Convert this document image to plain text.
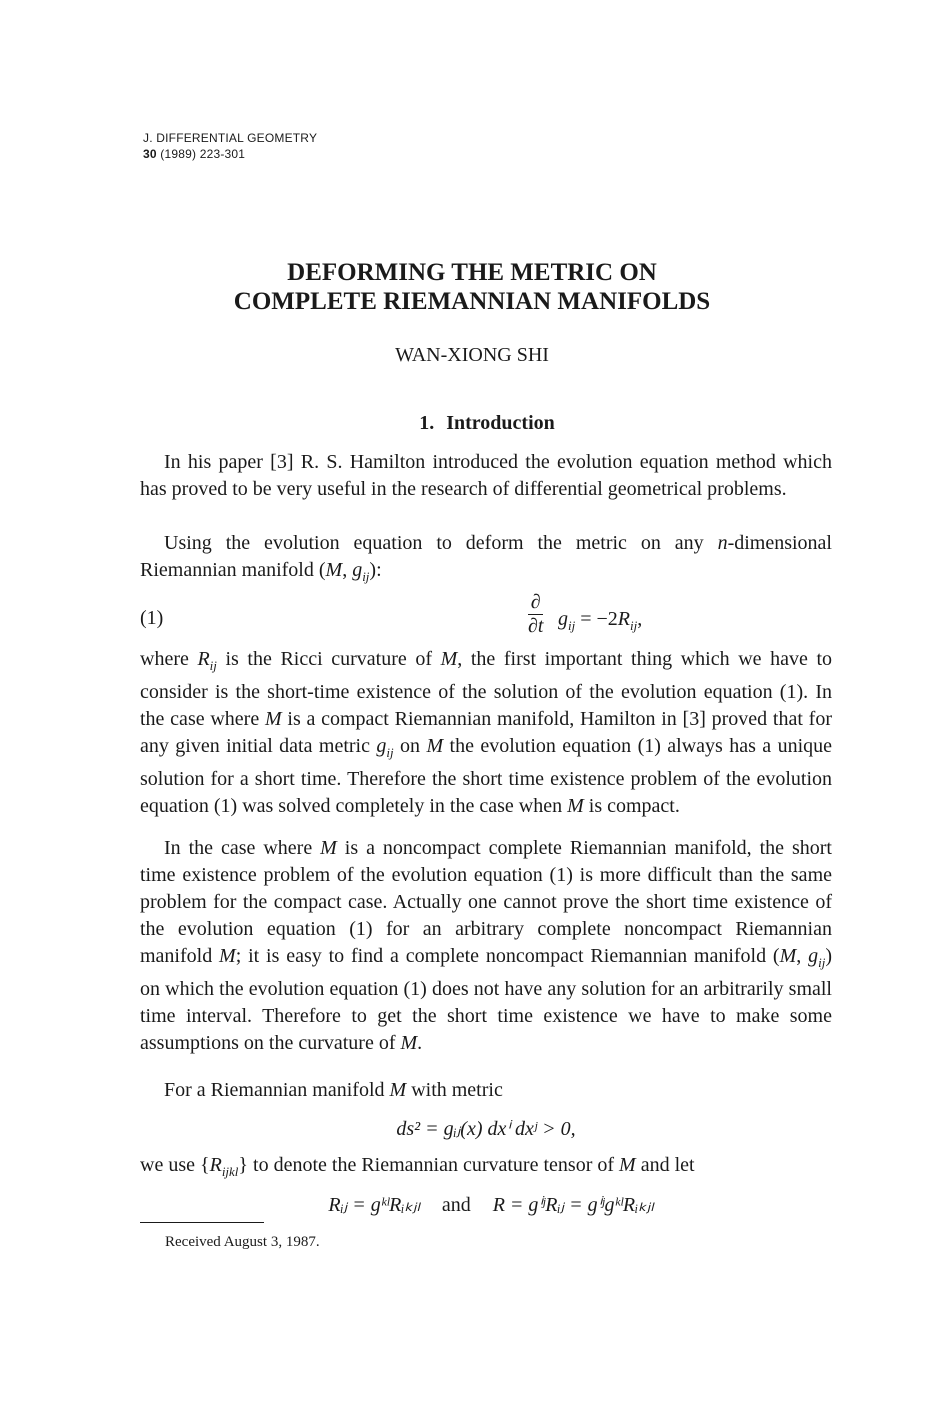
J. DIFFERENTIAL GEOMETRY
30 (1989) 223-301
DEFORMING THE METRIC ON
COMPLETE RIEMANNIAN MANIFOLDS
WAN-XIONG SHI
1. Introduction

In his paper [3] R. S. Hamilton introduced the evolution equation method which has proved to be very useful in the research of differential geometrical problems.

Using the evolution equation to deform the metric on any n-dimensional Riemannian manifold (M, $g_{ij}$):

(1)
∂
∂t $g_{ij} = -2R_{ij}$,

where $R_{ij}$ is the Ricci curvature of M, the first important thing which we have to consider is the short-time existence of the solution of the evolution equation (1). In the case where M is a compact Riemannian manifold, Hamilton in [3] proved that for any given initial data metric $g_{ij}$ on M the evolution equation (1) always has a unique solution for a short time. Therefore the short time existence problem of the evolution equation (1) was solved completely in the case when M is compact.

In the case where M is a noncompact complete Riemannian manifold, the short time existence problem of the evolution equation (1) is more difficult than the same problem for the compact case. Actually one cannot prove the short time existence of the evolution equation (1) for an arbitrary complete noncompact Riemannian manifold M; it is easy to find a complete noncompact Riemannian manifold (M, $g_{ij}$) on which the evolution equation (1) does not have any solution for an arbitrarily small time interval. Therefore to get the short time existence we have to make some assumptions on the curvature of M.

For a Riemannian manifold M with metric

ds² = gᵢⱼ(x) dxⁱ dxʲ > 0,

we use $\{R_{ijkl}\}$ to denote the Riemannian curvature tensor of M and let

Rᵢⱼ = gᵏˡRᵢₖⱼₗ and R = gⁱʲRᵢⱼ = gⁱʲgᵏˡRᵢₖⱼₗ
Received August 3, 1987.
